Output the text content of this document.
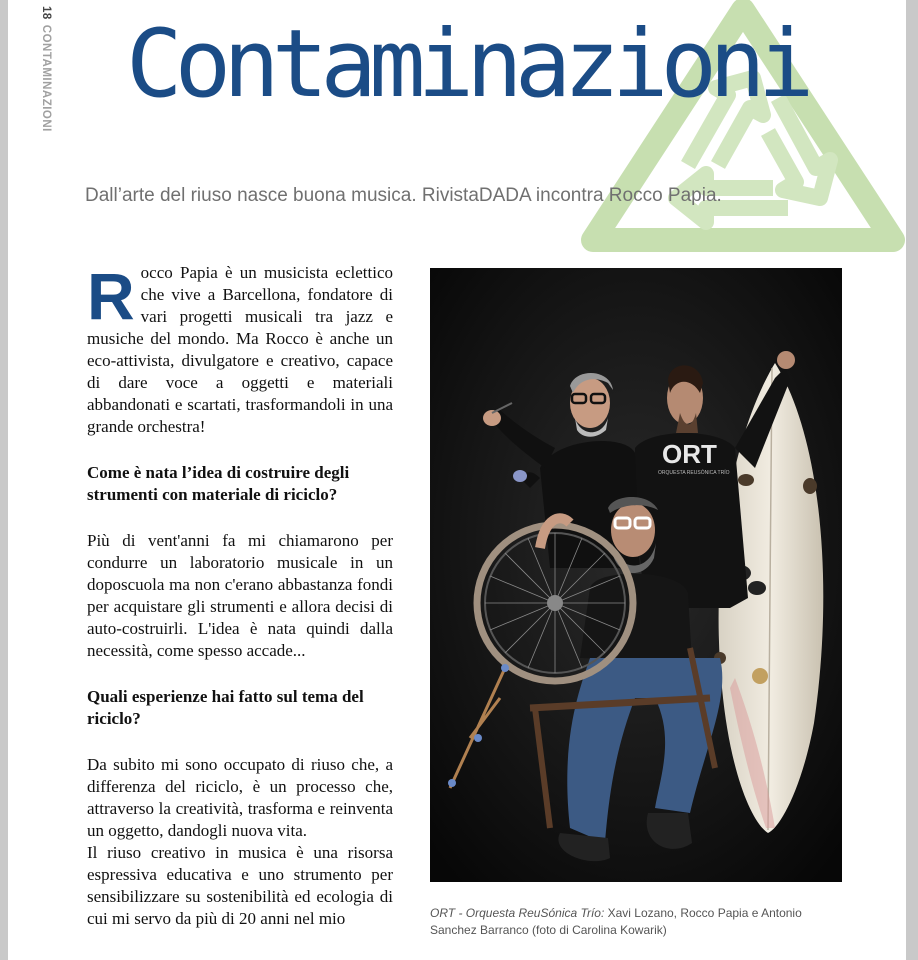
18CONTAMINAZIONI Contaminazioni
Dall’arte del riuso nasce buona musica. RivistaDADA incontra Rocco Papia.

Rocco Papia è un musicista eclettico che vive a Barcellona, fondatore di vari progetti musicali tra jazz e musiche del mondo. Ma Rocco è anche un eco-attivista, divulgatore e creativo, capace di dare voce a oggetti e materiali abbandonati e scartati, trasformandoli in una grande orchestra!

Come è nata l’idea di costruire degli strumenti con materiale di riciclo?

Più di vent'anni fa mi chiamarono per condurre un laboratorio musicale in un doposcuola ma non c'erano abbastanza fondi per acquistare gli strumenti e allora decisi di auto-costruirli. L'idea è nata quindi dalla necessità, come spesso accade...

Quali esperienze hai fatto sul tema del riciclo?

Da subito mi sono occupato di riuso che, a differenza del riciclo, è un processo che, attraverso la creatività, trasforma e reinventa un oggetto, dandogli nuova vita.

Il riuso creativo in musica è una risorsa espressiva educativa e uno strumento per sensibilizzare su sostenibilità ed ecologia di cui mi servo da più di 20 anni nel mio

ORT
ORQUESTA REUSÓNICA TRÍO
ORT - Orquesta ReuSónica Trío: Xavi Lozano, Rocco Papia e Antonio Sanchez Barranco (foto di Carolina Kowarik)
